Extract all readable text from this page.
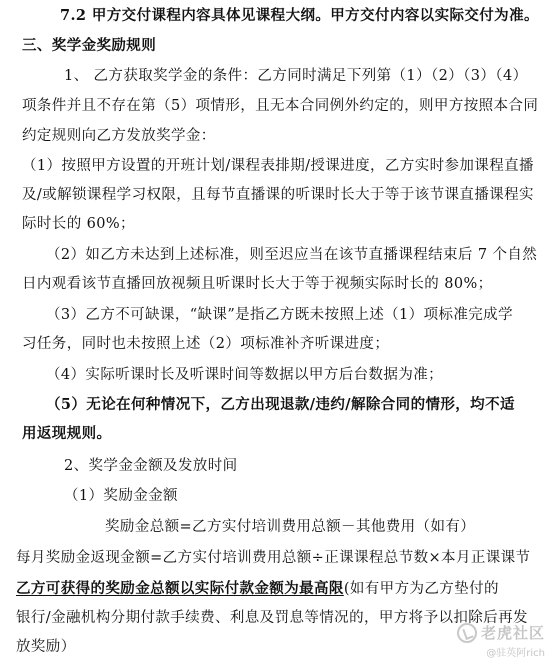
7.2 甲方交付课程内容具体见课程大纲。甲方交付内容以实际交付为准。
三、奖学金奖励规则
1、 乙方获取奖学金的条件：乙方同时满足下列第（1）（2）（3）（4）
项条件并且不存在第（5）项情形，且无本合同例外约定的，则甲方按照本合同
约定规则向乙方发放奖学金：
（1）按照甲方设置的开班计划/课程表排期/授课进度，乙方实时参加课程直播
及/或解锁课程学习权限，且每节直播课的听课时长大于等于该节课直播课程实
际时长的 60%；
（2）如乙方未达到上述标准，则至迟应当在该节直播课程结束后 7 个自然
日内观看该节直播回放视频且听课时长大于等于视频实际时长的 80%；
（3）乙方不可缺课，“缺课”是指乙方既未按照上述（1）项标准完成学
习任务，同时也未按照上述（2）项标准补齐听课进度；
（4）实际听课时长及听课时间等数据以甲方后台数据为准；
（5）无论在何种情况下，乙方出现退款/违约/解除合同的情形，均不适
用返现规则。
2、奖学金金额及发放时间
（1）奖励金金额
奖励金总额=乙方实付培训费用总额－其他费用（如有）
每月奖励金返现金额=乙方实付培训费用总额÷正课课程总节数×本月正课课节
乙方可获得的奖励金总额以实际付款金额为最高限(如有甲方为乙方垫付的
银行/金融机构分期付款手续费、利息及罚息等情况的，甲方将予以扣除后再发
放奖励）
老虎社区
@驻英阿rich
